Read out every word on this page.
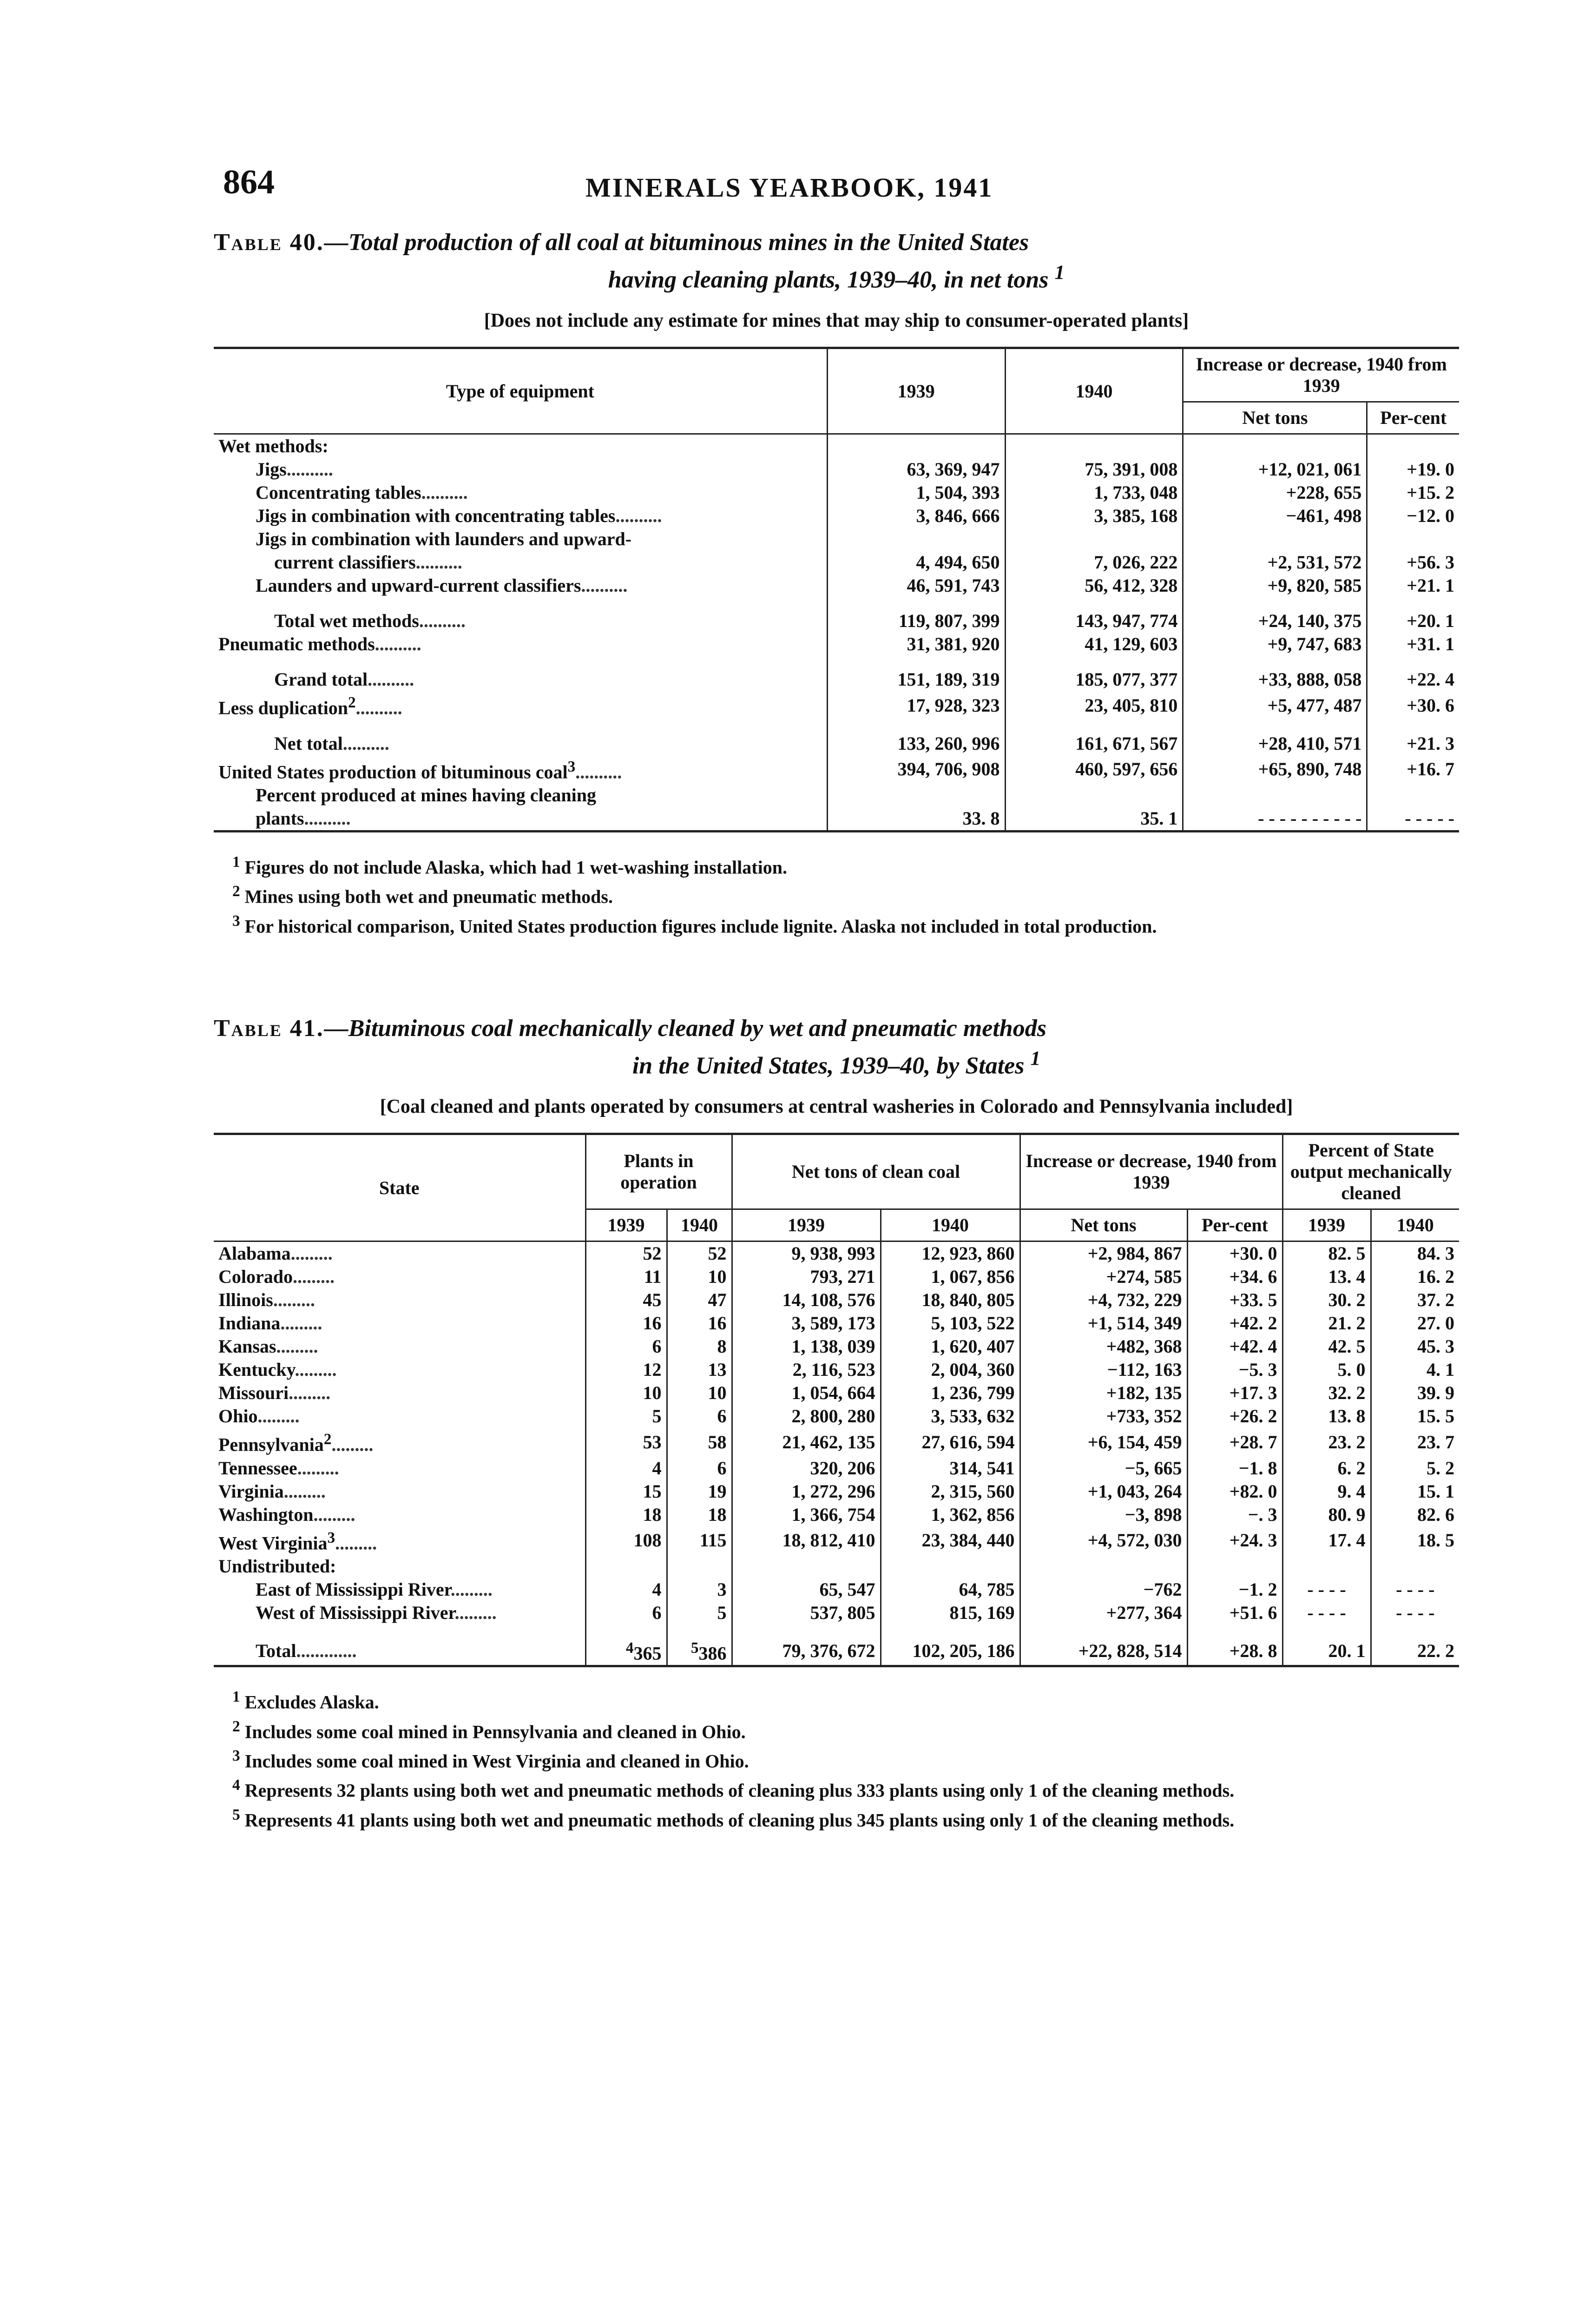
864	MINERALS YEARBOOK, 1941
Table 40.—Total production of all coal at bituminous mines in the United States
having cleaning plants, 1939–40, in net tons $^1$
[Does not include any estimate for mines that may ship to consumer-operated plants]
Type of equipment	1939	1940	Increase or decrease, 1940 from 1939	
			Net tons	Per-cent
Wet methods:				
Jigs..........	63, 369, 947	75, 391, 008	+12, 021, 061	+19. 0
Concentrating tables..........	1, 504, 393	1, 733, 048	+228, 655	+15. 2
Jigs in combination with concentrating tables..........	3, 846, 666	3, 385, 168	−461, 498	−12. 0
Jigs in combination with launders and upward-				
current classifiers..........	4, 494, 650	7, 026, 222	+2, 531, 572	+56. 3
Launders and upward-current classifiers..........	46, 591, 743	56, 412, 328	+9, 820, 585	+21. 1

Total wet methods..........	119, 807, 399	143, 947, 774	+24, 140, 375	+20. 1
Pneumatic methods..........	31, 381, 920	41, 129, 603	+9, 747, 683	+31. 1

Grand total..........	151, 189, 319	185, 077, 377	+33, 888, 058	+22. 4
Less duplication$^2$..........	17, 928, 323	23, 405, 810	+5, 477, 487	+30. 6

Net total..........	133, 260, 996	161, 671, 567	+28, 410, 571	+21. 3
United States production of bituminous coal$^3$..........	394, 706, 908	460, 597, 656	+65, 890, 748	+16. 7
Percent produced at mines having cleaning				
plants..........	33. 8	35. 1	- - - - - - - - - -	- - - - -

$^1$ Figures do not include Alaska, which had 1 wet-washing installation.

$^2$ Mines using both wet and pneumatic methods.

$^3$ For historical comparison, United States production figures include lignite. Alaska not included in total production.

Table 41.—Bituminous coal mechanically cleaned by wet and pneumatic methods
in the United States, 1939–40, by States $^1$
[Coal cleaned and plants operated by consumers at central washeries in Colorado and Pennsylvania included]
State	Plants in operation		Net tons of clean coal		Increase or decrease, 1940 from 1939		Percent of State output mechanically cleaned	
	1939	1940	1939	1940	Net tons	Per-cent	1939	1940
Alabama.........	52	52	9, 938, 993	12, 923, 860	+2, 984, 867	+30. 0	82. 5	84. 3
Colorado.........	11	10	793, 271	1, 067, 856	+274, 585	+34. 6	13. 4	16. 2
Illinois.........	45	47	14, 108, 576	18, 840, 805	+4, 732, 229	+33. 5	30. 2	37. 2
Indiana.........	16	16	3, 589, 173	5, 103, 522	+1, 514, 349	+42. 2	21. 2	27. 0
Kansas.........	6	8	1, 138, 039	1, 620, 407	+482, 368	+42. 4	42. 5	45. 3
Kentucky.........	12	13	2, 116, 523	2, 004, 360	−112, 163	−5. 3	5. 0	4. 1
Missouri.........	10	10	1, 054, 664	1, 236, 799	+182, 135	+17. 3	32. 2	39. 9
Ohio.........	5	6	2, 800, 280	3, 533, 632	+733, 352	+26. 2	13. 8	15. 5
Pennsylvania$^2$.........	53	58	21, 462, 135	27, 616, 594	+6, 154, 459	+28. 7	23. 2	23. 7
Tennessee.........	4	6	320, 206	314, 541	−5, 665	−1. 8	6. 2	5. 2
Virginia.........	15	19	1, 272, 296	2, 315, 560	+1, 043, 264	+82. 0	9. 4	15. 1
Washington.........	18	18	1, 366, 754	1, 362, 856	−3, 898	−. 3	80. 9	82. 6
West Virginia$^3$.........	108	115	18, 812, 410	23, 384, 440	+4, 572, 030	+24. 3	17. 4	18. 5
Undistributed:								
East of Mississippi River.........	4	3	65, 547	64, 785	−762	−1. 2	- - - -	- - - -
West of Mississippi River.........	6	5	537, 805	815, 169	+277, 364	+51. 6	- - - -	- - - -

Total.............	$^4$365	$^5$386	79, 376, 672	102, 205, 186	+22, 828, 514	+28. 8	20. 1	22. 2

$^1$ Excludes Alaska.

$^2$ Includes some coal mined in Pennsylvania and cleaned in Ohio.

$^3$ Includes some coal mined in West Virginia and cleaned in Ohio.

$^4$ Represents 32 plants using both wet and pneumatic methods of cleaning plus 333 plants using only 1 of the cleaning methods.

$^5$ Represents 41 plants using both wet and pneumatic methods of cleaning plus 345 plants using only 1 of the cleaning methods.
